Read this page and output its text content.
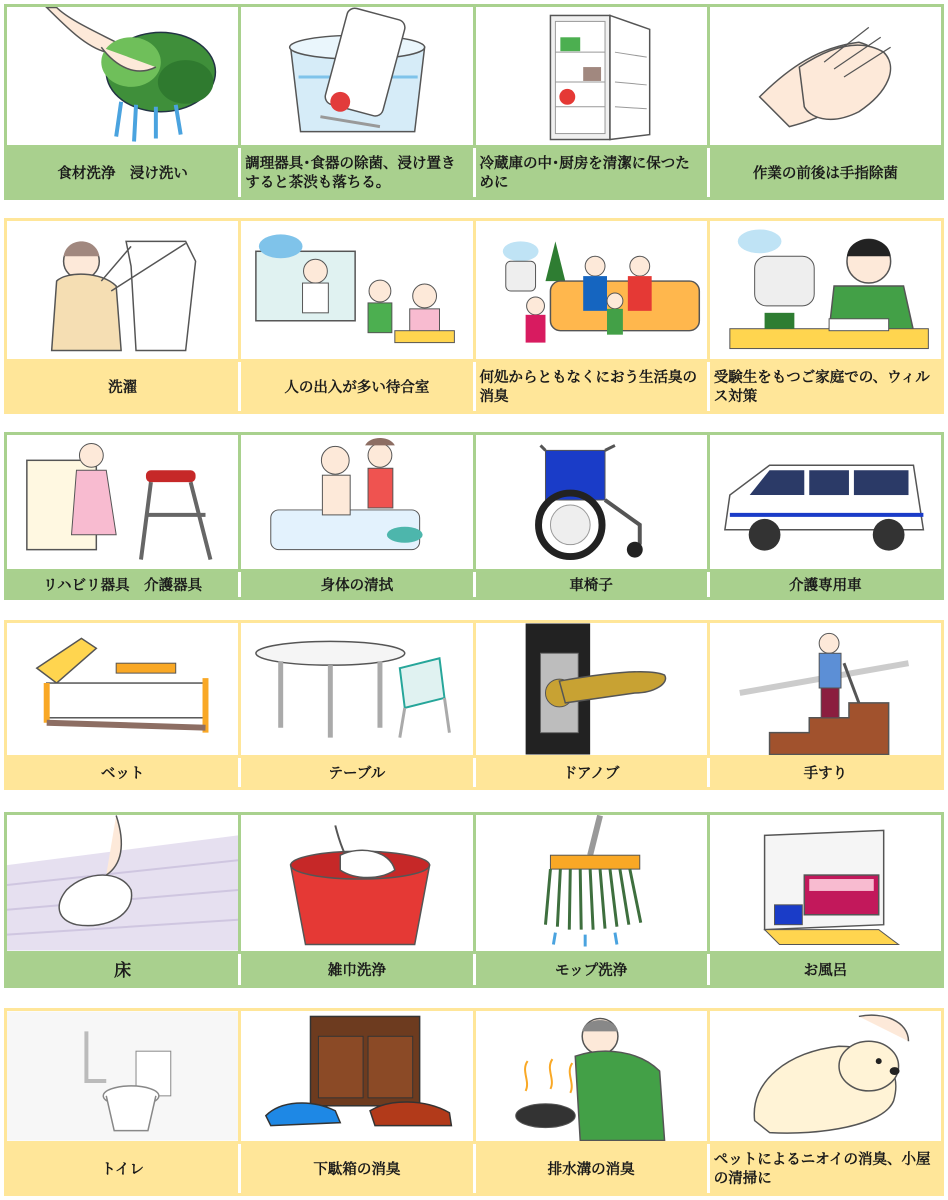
食材洗浄　浸け洗い
調理器具･食器の除菌、浸け置きすると茶渋も落ちる。
冷蔵庫の中･厨房を清潔に保つために
作業の前後は手指除菌
洗濯	人の出入が多い待合室
何処からともなくにおう生活臭の消臭
受験生をもつご家庭での、ウィルス対策
リハビリ器具　介護器具	身体の清拭	車椅子	介護専用車
ベット	テーブル	ドアノブ	手すり
床	雑巾洗浄	モップ洗浄	お風呂
トイレ	下駄箱の消臭	排水溝の消臭
ペットによるニオイの消臭、小屋の清掃に
